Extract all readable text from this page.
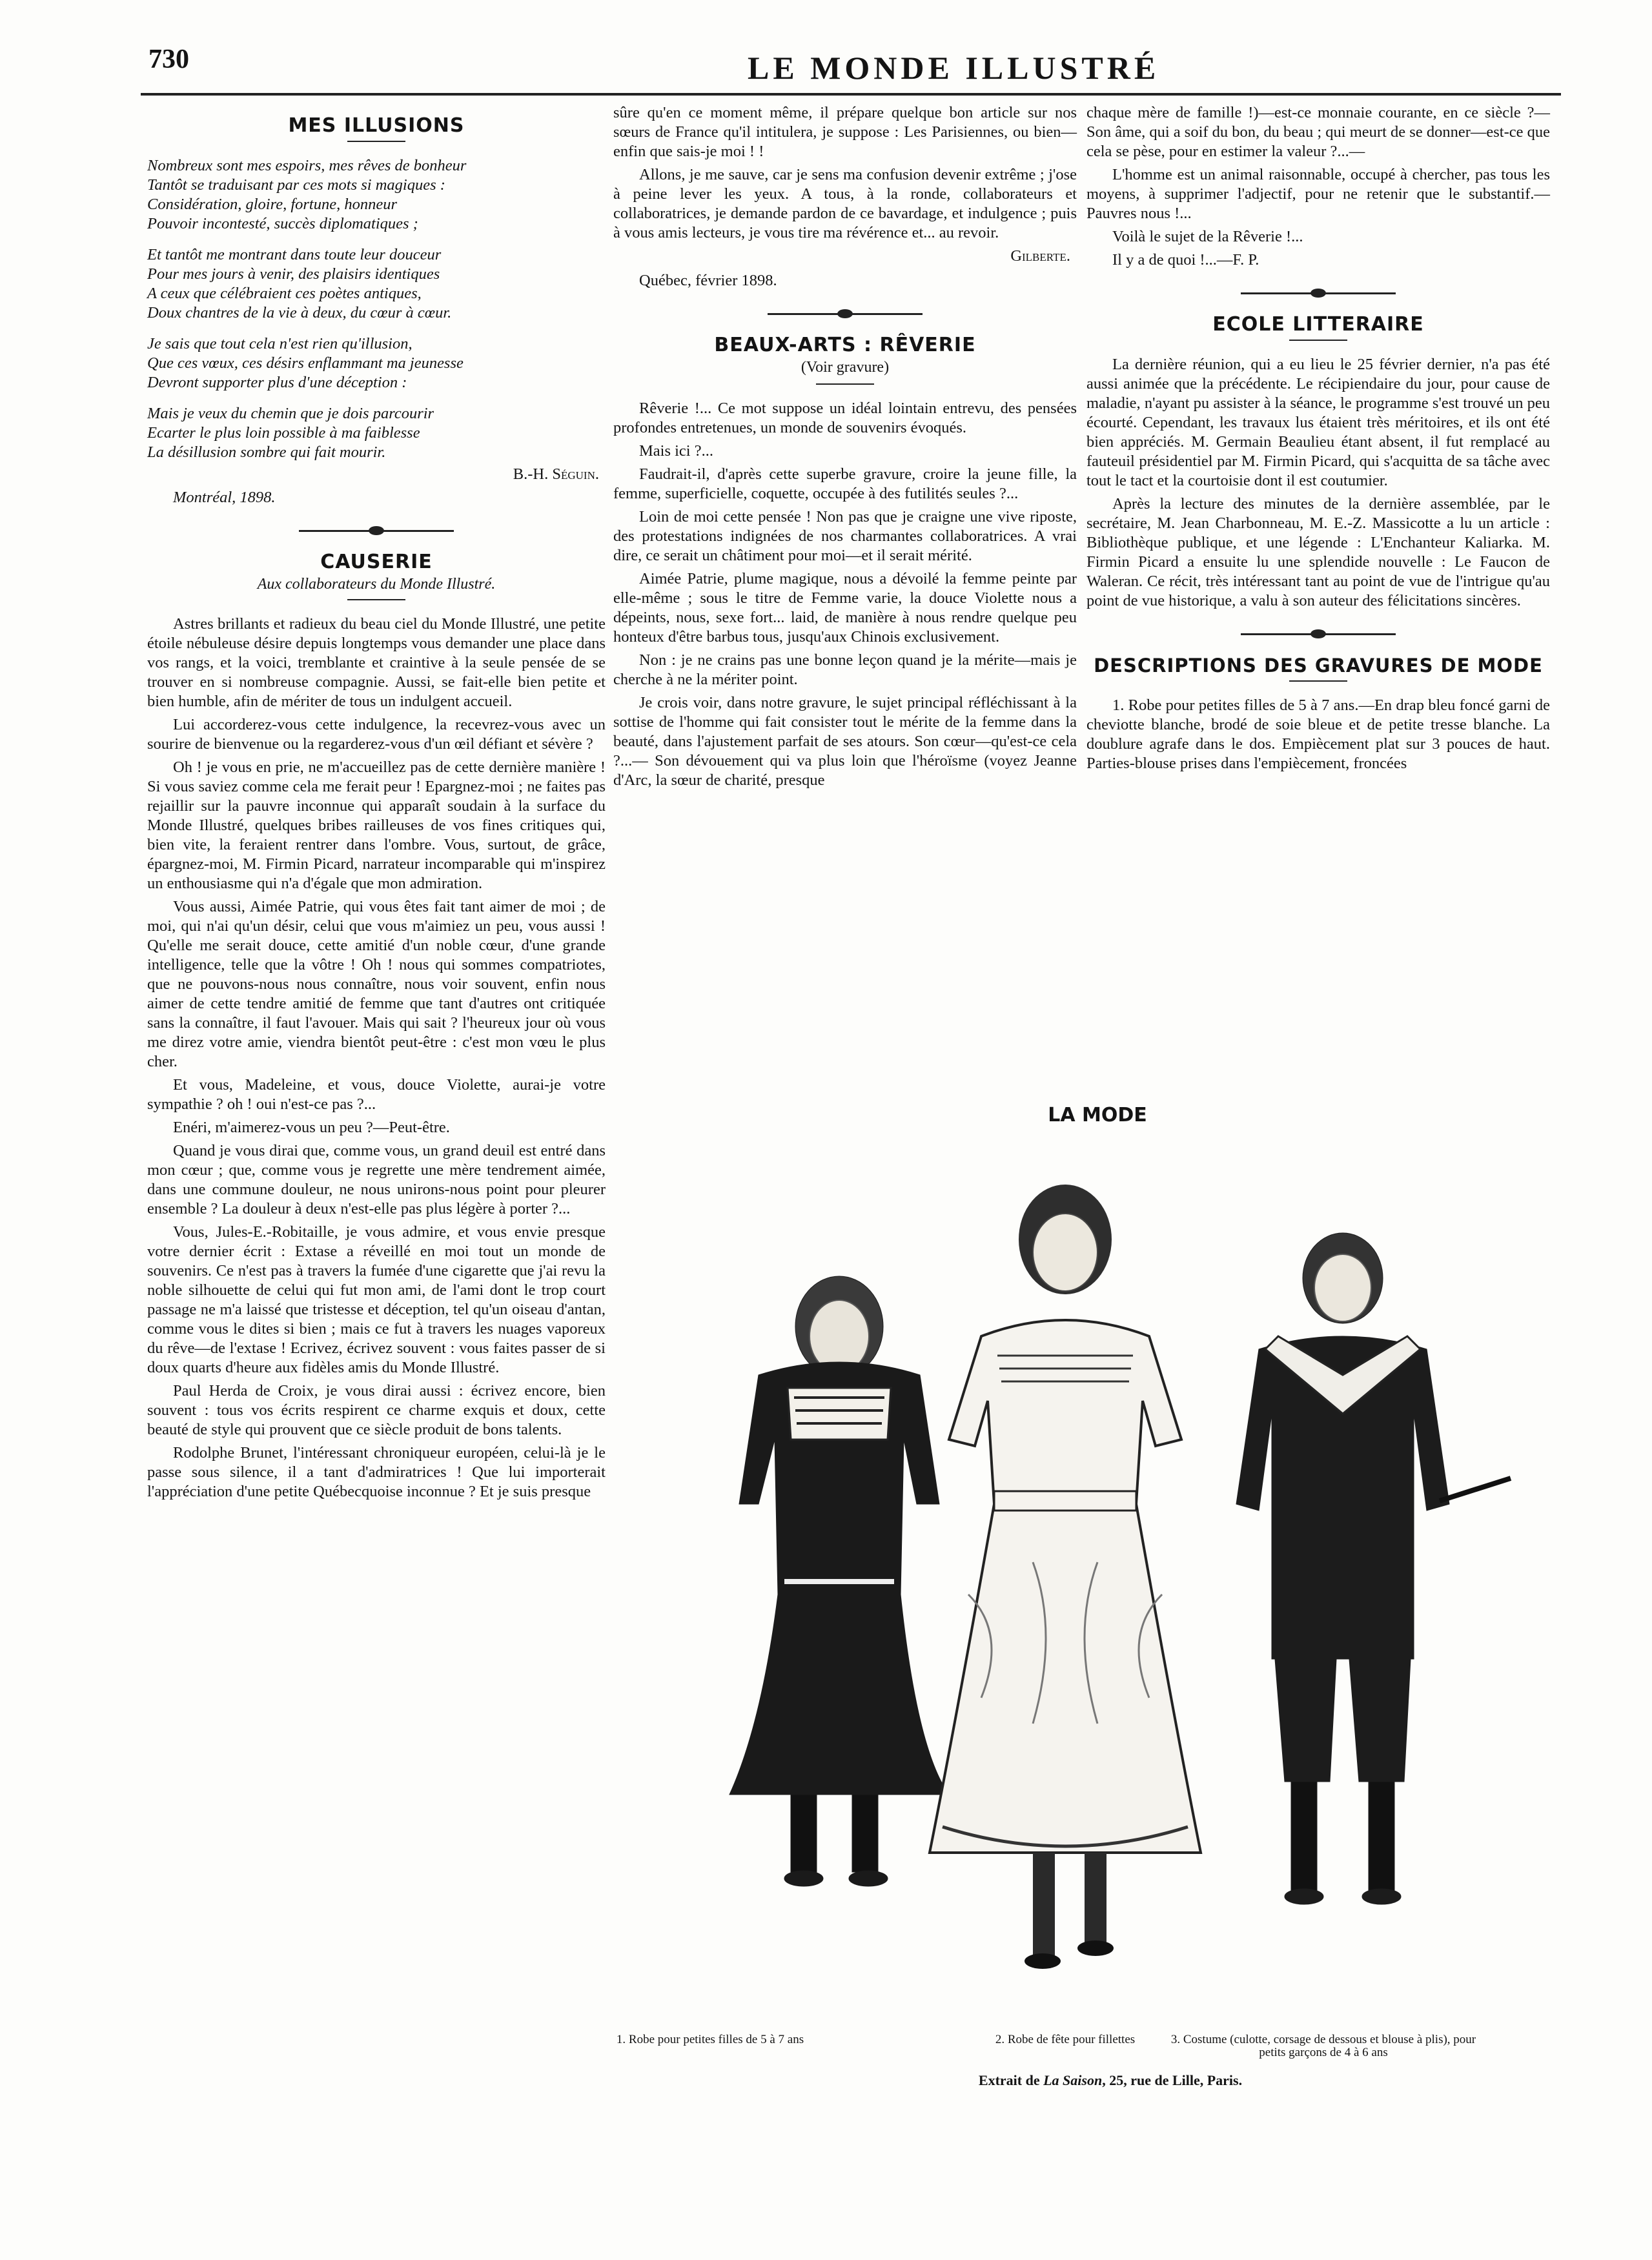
730	LE MONDE ILLUSTRÉ
MES ILLUSIONS

Nombreux sont mes espoirs, mes rêves de bonheur

Tantôt se traduisant par ces mots si magiques :

Considération, gloire, fortune, honneur

Pouvoir incontesté, succès diplomatiques ;

Et tantôt me montrant dans toute leur douceur

Pour mes jours à venir, des plaisirs identiques

A ceux que célébraient ces poètes antiques,

Doux chantres de la vie à deux, du cœur à cœur.

Je sais que tout cela n'est rien qu'illusion,

Que ces vœux, ces désirs enflammant ma jeunesse

Devront supporter plus d'une déception :

Mais je veux du chemin que je dois parcourir

Ecarter le plus loin possible à ma faiblesse

La désillusion sombre qui fait mourir.

B.-H. Séguin.
Montréal, 1898.
CAUSERIE
Aux collaborateurs du Monde Illustré.

Astres brillants et radieux du beau ciel du Monde Illustré, une petite étoile nébuleuse désire depuis longtemps vous demander une place dans vos rangs, et la voici, tremblante et craintive à la seule pensée de se trouver en si nombreuse compagnie. Aussi, se fait-elle bien petite et bien humble, afin de mériter de tous un indulgent accueil.

Lui accorderez-vous cette indulgence, la recevrez-vous avec un sourire de bienvenue ou la regarderez-vous d'un œil défiant et sévère ?

Oh ! je vous en prie, ne m'accueillez pas de cette dernière manière ! Si vous saviez comme cela me ferait peur ! Epargnez-moi ; ne faites pas rejaillir sur la pauvre inconnue qui apparaît soudain à la surface du Monde Illustré, quelques bribes railleuses de vos fines critiques qui, bien vite, la feraient rentrer dans l'ombre. Vous, surtout, de grâce, épargnez-moi, M. Firmin Picard, narrateur incomparable qui m'inspirez un enthousiasme qui n'a d'égale que mon admiration.

Vous aussi, Aimée Patrie, qui vous êtes fait tant aimer de moi ; de moi, qui n'ai qu'un désir, celui que vous m'aimiez un peu, vous aussi ! Qu'elle me serait douce, cette amitié d'un noble cœur, d'une grande intelligence, telle que la vôtre ! Oh ! nous qui sommes compatriotes, que ne pouvons-nous nous connaître, nous voir souvent, enfin nous aimer de cette tendre amitié de femme que tant d'autres ont critiquée sans la connaître, il faut l'avouer. Mais qui sait ? l'heureux jour où vous me direz votre amie, viendra bientôt peut-être : c'est mon vœu le plus cher.

Et vous, Madeleine, et vous, douce Violette, aurai-je votre sympathie ? oh ! oui n'est-ce pas ?...

Enéri, m'aimerez-vous un peu ?—Peut-être.

Quand je vous dirai que, comme vous, un grand deuil est entré dans mon cœur ; que, comme vous je regrette une mère tendrement aimée, dans une commune douleur, ne nous unirons-nous point pour pleurer ensemble ? La douleur à deux n'est-elle pas plus légère à porter ?...

Vous, Jules-E.-Robitaille, je vous admire, et vous envie presque votre dernier écrit : Extase a réveillé en moi tout un monde de souvenirs. Ce n'est pas à travers la fumée d'une cigarette que j'ai revu la noble silhouette de celui qui fut mon ami, de l'ami dont le trop court passage ne m'a laissé que tristesse et déception, tel qu'un oiseau d'antan, comme vous le dites si bien ; mais ce fut à travers les nuages vaporeux du rêve—de l'extase ! Ecrivez, écrivez souvent : vous faites passer de si doux quarts d'heure aux fidèles amis du Monde Illustré.

Paul Herda de Croix, je vous dirai aussi : écrivez encore, bien souvent : tous vos écrits respirent ce charme exquis et doux, cette beauté de style qui prouvent que ce siècle produit de bons talents.

Rodolphe Brunet, l'intéressant chroniqueur européen, celui-là je le passe sous silence, il a tant d'admiratrices ! Que lui importerait l'appréciation d'une petite Québecquoise inconnue ? Et je suis presque

sûre qu'en ce moment même, il prépare quelque bon article sur nos sœurs de France qu'il intitulera, je suppose : Les Parisiennes, ou bien—enfin que sais-je moi ! !

Allons, je me sauve, car je sens ma confusion devenir extrême ; j'ose à peine lever les yeux. A tous, à la ronde, collaborateurs et collaboratrices, je demande pardon de ce bavardage, et indulgence ; puis à vous amis lecteurs, je vous tire ma révérence et... au revoir.

Gilberte.
Québec, février 1898.
BEAUX-ARTS : RÊVERIE
(Voir gravure)

Rêverie !... Ce mot suppose un idéal lointain entrevu, des pensées profondes entretenues, un monde de souvenirs évoqués.

Mais ici ?...

Faudrait-il, d'après cette superbe gravure, croire la jeune fille, la femme, superficielle, coquette, occupée à des futilités seules ?...

Loin de moi cette pensée ! Non pas que je craigne une vive riposte, des protestations indignées de nos charmantes collaboratrices. A vrai dire, ce serait un châtiment pour moi—et il serait mérité.

Aimée Patrie, plume magique, nous a dévoilé la femme peinte par elle-même ; sous le titre de Femme varie, la douce Violette nous a dépeints, nous, sexe fort... laid, de manière à nous rendre quelque peu honteux d'être barbus tous, jusqu'aux Chinois exclusivement.

Non : je ne crains pas une bonne leçon quand je la mérite—mais je cherche à ne la mériter point.

Je crois voir, dans notre gravure, le sujet principal réfléchissant à la sottise de l'homme qui fait consister tout le mérite de la femme dans la beauté, dans l'ajustement parfait de ses atours. Son cœur—qu'est-ce cela ?...— Son dévouement qui va plus loin que l'héroïsme (voyez Jeanne d'Arc, la sœur de charité, presque

chaque mère de famille !)—est-ce monnaie courante, en ce siècle ?—Son âme, qui a soif du bon, du beau ; qui meurt de se donner—est-ce que cela se pèse, pour en estimer la valeur ?...—

L'homme est un animal raisonnable, occupé à chercher, pas tous les moyens, à supprimer l'adjectif, pour ne retenir que le substantif.—Pauvres nous !...

Voilà le sujet de la Rêverie !...

Il y a de quoi !...—F. P.

ECOLE LITTERAIRE

La dernière réunion, qui a eu lieu le 25 février dernier, n'a pas été aussi animée que la précédente. Le récipiendaire du jour, pour cause de maladie, n'ayant pu assister à la séance, le programme s'est trouvé un peu écourté. Cependant, les travaux lus étaient très méritoires, et ils ont été bien appréciés. M. Germain Beaulieu étant absent, il fut remplacé au fauteuil présidentiel par M. Firmin Picard, qui s'acquitta de sa tâche avec tout le tact et la courtoisie dont il est coutumier.

Après la lecture des minutes de la dernière assemblée, par le secrétaire, M. Jean Charbonneau, M. E.-Z. Massicotte a lu un article : Bibliothèque publique, et une légende : L'Enchanteur Kaliarka. M. Firmin Picard a ensuite lu une splendide nouvelle : Le Faucon de Waleran. Ce récit, très intéressant tant au point de vue de l'intrigue qu'au point de vue historique, a valu à son auteur des félicitations sincères.

DESCRIPTIONS DES GRAVURES DE MODE

1. Robe pour petites filles de 5 à 7 ans.—En drap bleu foncé garni de cheviotte blanche, brodé de soie bleue et de petite tresse blanche. La doublure agrafe dans le dos. Empiècement plat sur 3 pouces de haut. Parties-blouse prises dans l'empiècement, froncées

LA MODE
1. Robe pour petites filles de 5 à 7 ans	2. Robe de fête pour fillettes	3. Costume (culotte, corsage de dessous et blouse à plis), pour petits garçons de 4 à 6 ans
Extrait de La Saison, 25, rue de Lille, Paris.
